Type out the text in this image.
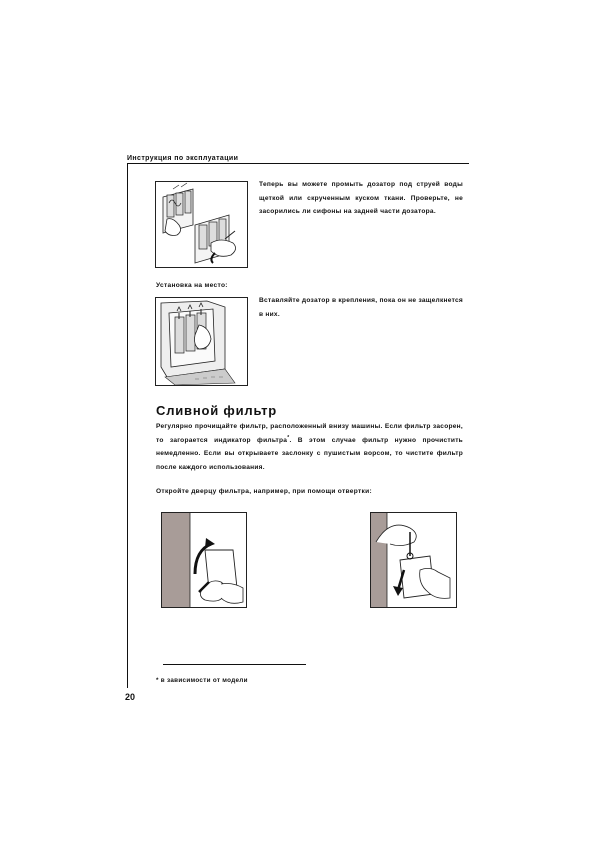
Инструкция по эксплуатации
Теперь вы можете промыть дозатор под струей воды щеткой или скрученным куском ткани. Проверьте, не засорились ли сифоны на задней части дозатора.
Установка на место:
Вставляйте дозатор в крепления, пока он не защелкнется в них.
Сливной фильтр
Регулярно прочищайте фильтр, расположенный внизу машины. Если фильтр засорен, то загорается индикатор фильтра*. В этом случае фильтр нужно прочистить немедленно. Если вы открываете заслонку с пушистым ворсом, то чистите фильтр после каждого использования.
Откройте дверцу фильтра, например, при помощи отвертки:
* в зависимости от модели
20
